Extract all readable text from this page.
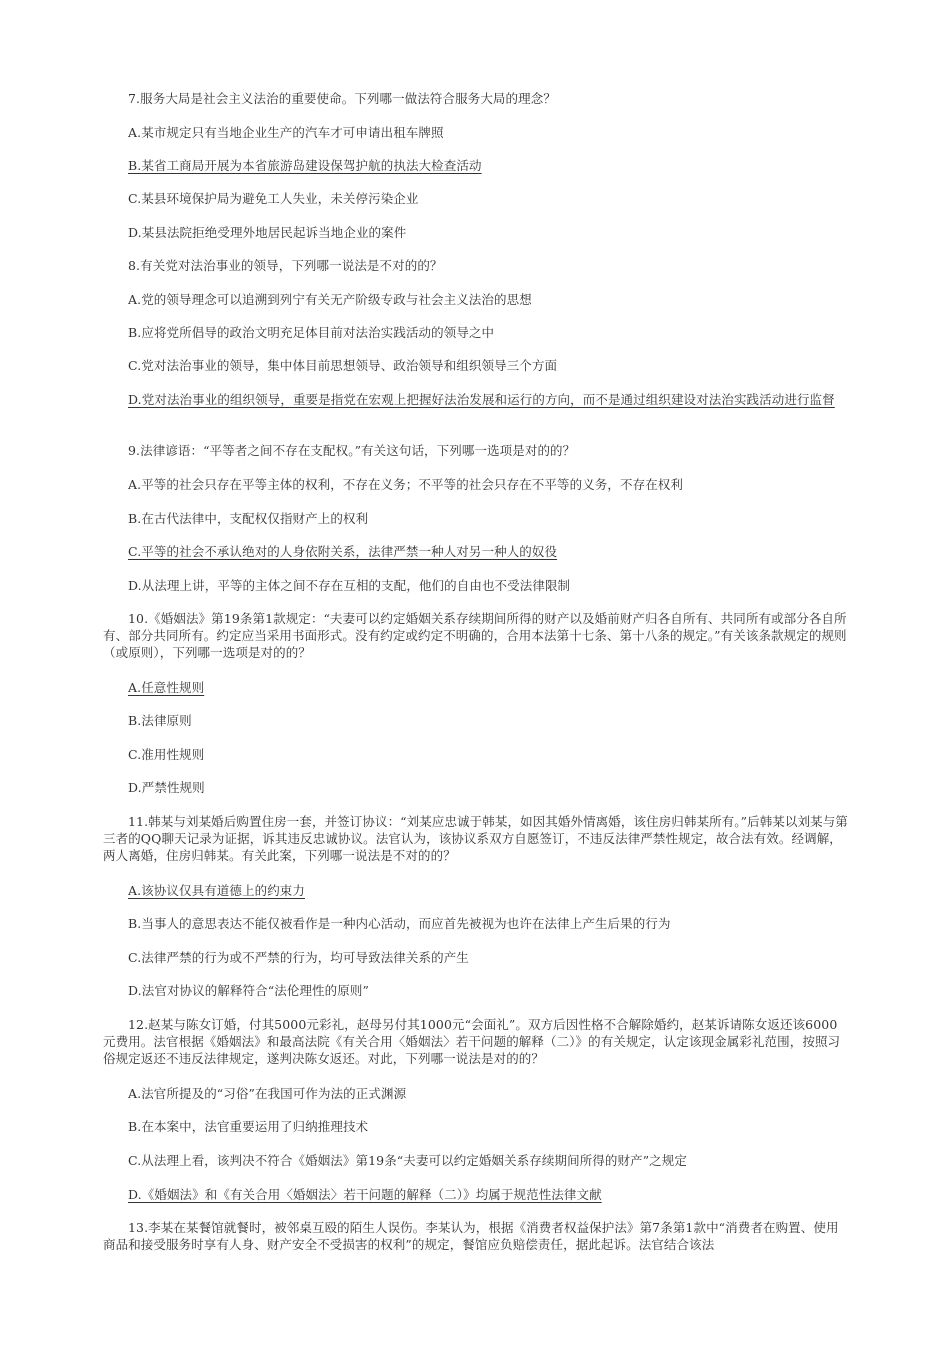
7.服务大局是社会主义法治的重要使命。下列哪一做法符合服务大局的理念？
A.某市规定只有当地企业生产的汽车才可申请出租车牌照
B.某省工商局开展为本省旅游岛建设保驾护航的执法大检查活动
C.某县环境保护局为避免工人失业，未关停污染企业
D.某县法院拒绝受理外地居民起诉当地企业的案件
8.有关党对法治事业的领导，下列哪一说法是不对的的？
A.党的领导理念可以追溯到列宁有关无产阶级专政与社会主义法治的思想
B.应将党所倡导的政治文明充足体目前对法治实践活动的领导之中
C.党对法治事业的领导，集中体目前思想领导、政治领导和组织领导三个方面
D.党对法治事业的组织领导，重要是指党在宏观上把握好法治发展和运行的方向，而不是通过组织建设对法治实践活动进行监督
9.法律谚语：“平等者之间不存在支配权。”有关这句话，下列哪一选项是对的的？
A.平等的社会只存在平等主体的权利，不存在义务；不平等的社会只存在不平等的义务，不存在权利
B.在古代法律中，支配权仅指财产上的权利
C.平等的社会不承认绝对的人身依附关系，法律严禁一种人对另一种人的奴役
D.从法理上讲，平等的主体之间不存在互相的支配，他们的自由也不受法律限制
10.《婚姻法》第19条第1款规定：“夫妻可以约定婚姻关系存续期间所得的财产以及婚前财产归各自所有、共同所有或部分各自所有、部分共同所有。约定应当采用书面形式。没有约定或约定不明确的，合用本法第十七条、第十八条的规定。”有关该条款规定的规则（或原则），下列哪一选项是对的的？
A.任意性规则
B.法律原则
C.准用性规则
D.严禁性规则
11.韩某与刘某婚后购置住房一套，并签订协议：“刘某应忠诚于韩某，如因其婚外情离婚，该住房归韩某所有。”后韩某以刘某与第三者的QQ聊天记录为证据，诉其违反忠诚协议。法官认为，该协议系双方自愿签订，不违反法律严禁性规定，故合法有效。经调解，两人离婚，住房归韩某。有关此案，下列哪一说法是不对的的？
A.该协议仅具有道德上的约束力
B.当事人的意思表达不能仅被看作是一种内心活动，而应首先被视为也许在法律上产生后果的行为
C.法律严禁的行为或不严禁的行为，均可导致法律关系的产生
D.法官对协议的解释符合“法伦理性的原则”
12.赵某与陈女订婚，付其5000元彩礼，赵母另付其1000元“会面礼”。双方后因性格不合解除婚约，赵某诉请陈女返还该6000元费用。法官根据《婚姻法》和最高法院《有关合用〈婚姻法〉若干问题的解释（二）》的有关规定，认定该现金属彩礼范围，按照习俗规定返还不违反法律规定，遂判决陈女返还。对此，下列哪一说法是对的的？
A.法官所提及的“习俗”在我国可作为法的正式渊源
B.在本案中，法官重要运用了归纳推理技术
C.从法理上看，该判决不符合《婚姻法》第19条“夫妻可以约定婚姻关系存续期间所得的财产”之规定
D.《婚姻法》和《有关合用〈婚姻法〉若干问题的解释（二）》均属于规范性法律文献
13.李某在某餐馆就餐时，被邻桌互殴的陌生人误伤。李某认为，根据《消费者权益保护法》第7条第1款中“消费者在购置、使用商品和接受服务时享有人身、财产安全不受损害的权利”的规定，餐馆应负赔偿责任，据此起诉。法官结合该法
